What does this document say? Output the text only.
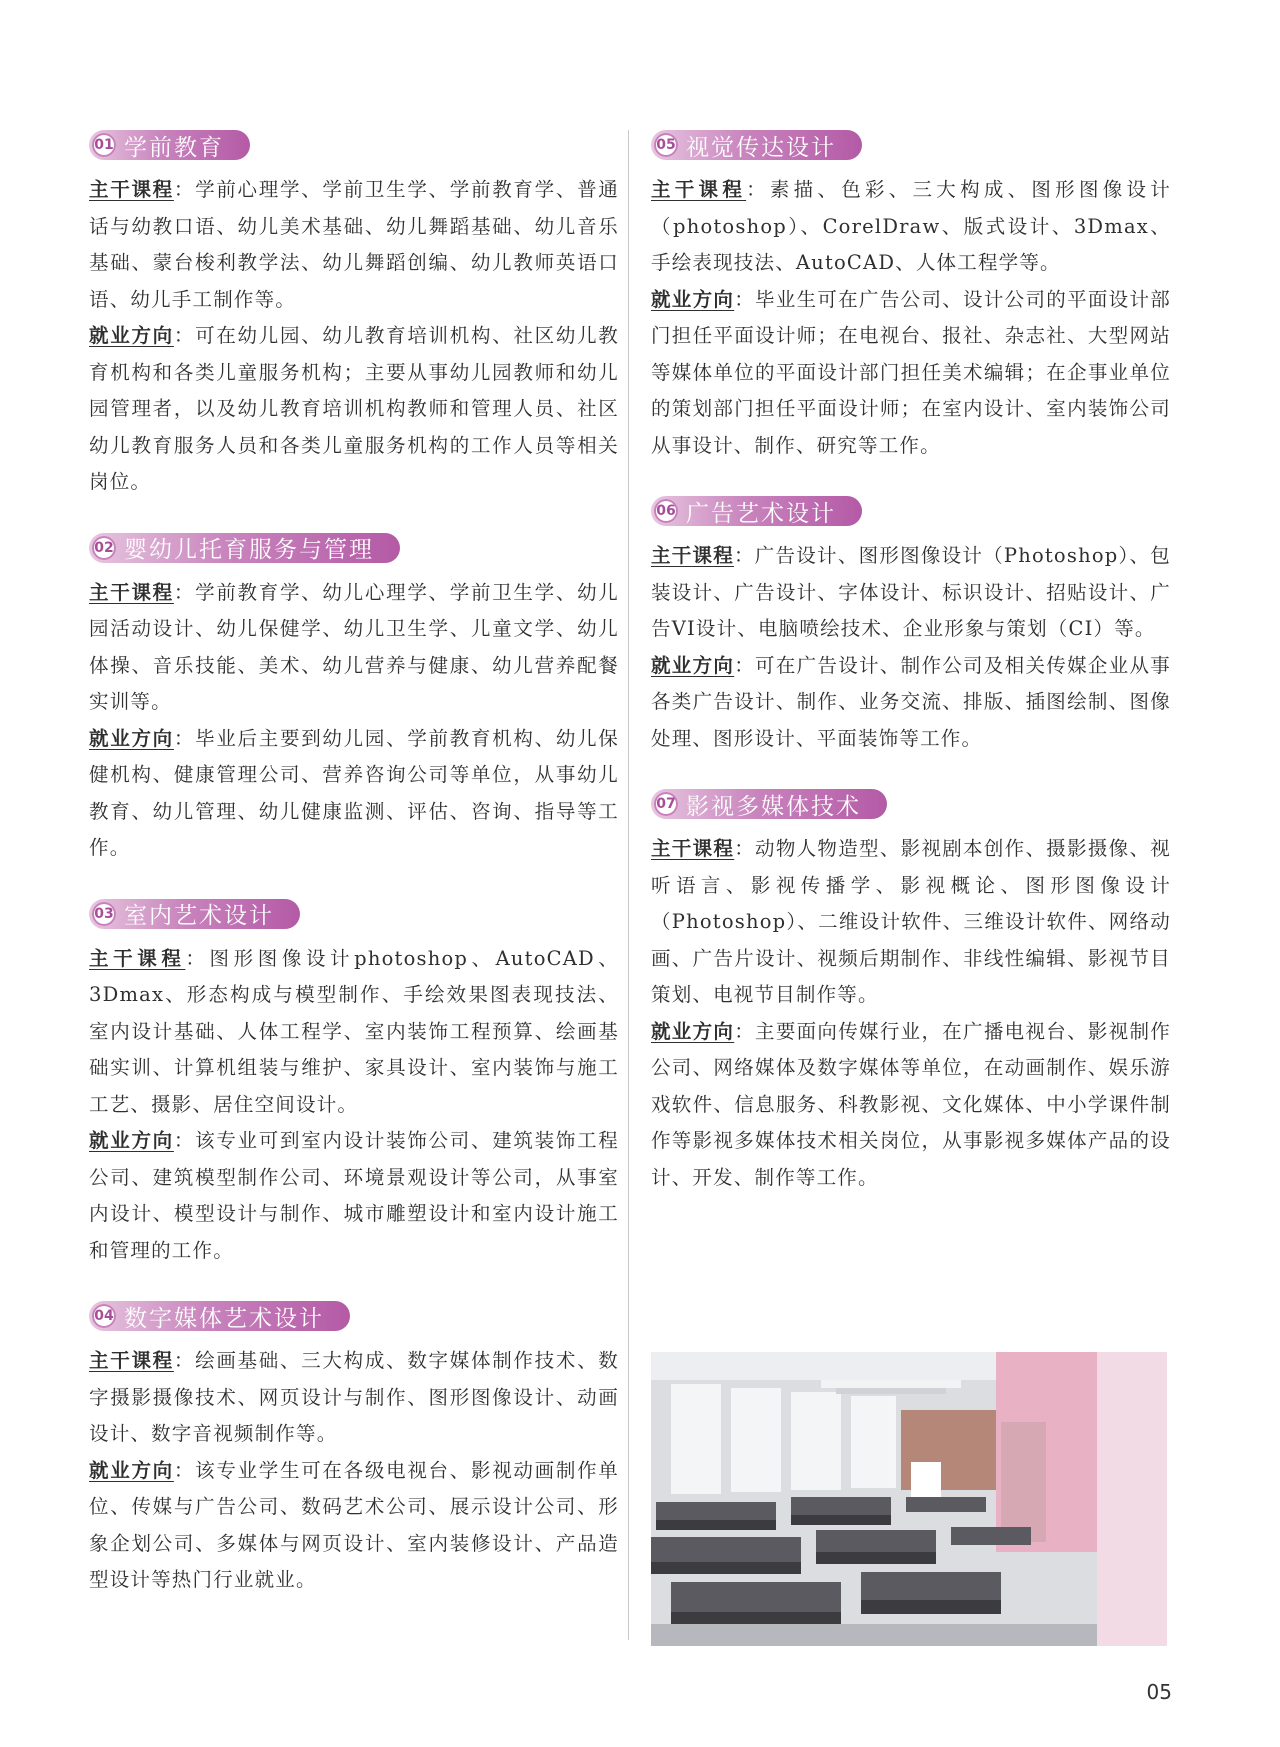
01 学前教育

主干课程：学前心理学、学前卫生学、学前教育学、普通话与幼教口语、幼儿美术基础、幼儿舞蹈基础、幼儿音乐基础、蒙台梭利教学法、幼儿舞蹈创编、幼儿教师英语口语、幼儿手工制作等。

就业方向：可在幼儿园、幼儿教育培训机构、社区幼儿教育机构和各类儿童服务机构；主要从事幼儿园教师和幼儿园管理者，以及幼儿教育培训机构教师和管理人员、社区幼儿教育服务人员和各类儿童服务机构的工作人员等相关岗位。

02 婴幼儿托育服务与管理

主干课程：学前教育学、幼儿心理学、学前卫生学、幼儿园活动设计、幼儿保健学、幼儿卫生学、儿童文学、幼儿体操、音乐技能、美术、幼儿营养与健康、幼儿营养配餐实训等。

就业方向：毕业后主要到幼儿园、学前教育机构、幼儿保健机构、健康管理公司、营养咨询公司等单位，从事幼儿教育、幼儿管理、幼儿健康监测、评估、咨询、指导等工作。

03 室内艺术设计

主干课程：图形图像设计photoshop、AutoCAD、3Dmax、形态构成与模型制作、手绘效果图表现技法、室内设计基础、人体工程学、室内装饰工程预算、绘画基础实训、计算机组装与维护、家具设计、室内装饰与施工工艺、摄影、居住空间设计。

就业方向：该专业可到室内设计装饰公司、建筑装饰工程公司、建筑模型制作公司、环境景观设计等公司，从事室内设计、模型设计与制作、城市雕塑设计和室内设计施工和管理的工作。

04 数字媒体艺术设计

主干课程：绘画基础、三大构成、数字媒体制作技术、数字摄影摄像技术、网页设计与制作、图形图像设计、动画设计、数字音视频制作等。

就业方向：该专业学生可在各级电视台、影视动画制作单位、传媒与广告公司、数码艺术公司、展示设计公司、形象企划公司、多媒体与网页设计、室内装修设计、产品造型设计等热门行业就业。

05 视觉传达设计

主干课程：素描、色彩、三大构成、图形图像设计（photoshop）、CorelDraw、版式设计、3Dmax、手绘表现技法、AutoCAD、人体工程学等。

就业方向：毕业生可在广告公司、设计公司的平面设计部门担任平面设计师；在电视台、报社、杂志社、大型网站等媒体单位的平面设计部门担任美术编辑；在企事业单位的策划部门担任平面设计师；在室内设计、室内装饰公司从事设计、制作、研究等工作。

06 广告艺术设计

主干课程：广告设计、图形图像设计（Photoshop）、包装设计、广告设计、字体设计、标识设计、招贴设计、广告VI设计、电脑喷绘技术、企业形象与策划（CI）等。

就业方向：可在广告设计、制作公司及相关传媒企业从事各类广告设计、制作、业务交流、排版、插图绘制、图像处理、图形设计、平面装饰等工作。

07 影视多媒体技术

主干课程：动物人物造型、影视剧本创作、摄影摄像、视听语言、影视传播学、影视概论、图形图像设计（Photoshop）、二维设计软件、三维设计软件、网络动画、广告片设计、视频后期制作、非线性编辑、影视节目策划、电视节目制作等。

就业方向：主要面向传媒行业，在广播电视台、影视制作公司、网络媒体及数字媒体等单位，在动画制作、娱乐游戏软件、信息服务、科教影视、文化媒体、中小学课件制作等影视多媒体技术相关岗位，从事影视多媒体产品的设计、开发、制作等工作。

05
